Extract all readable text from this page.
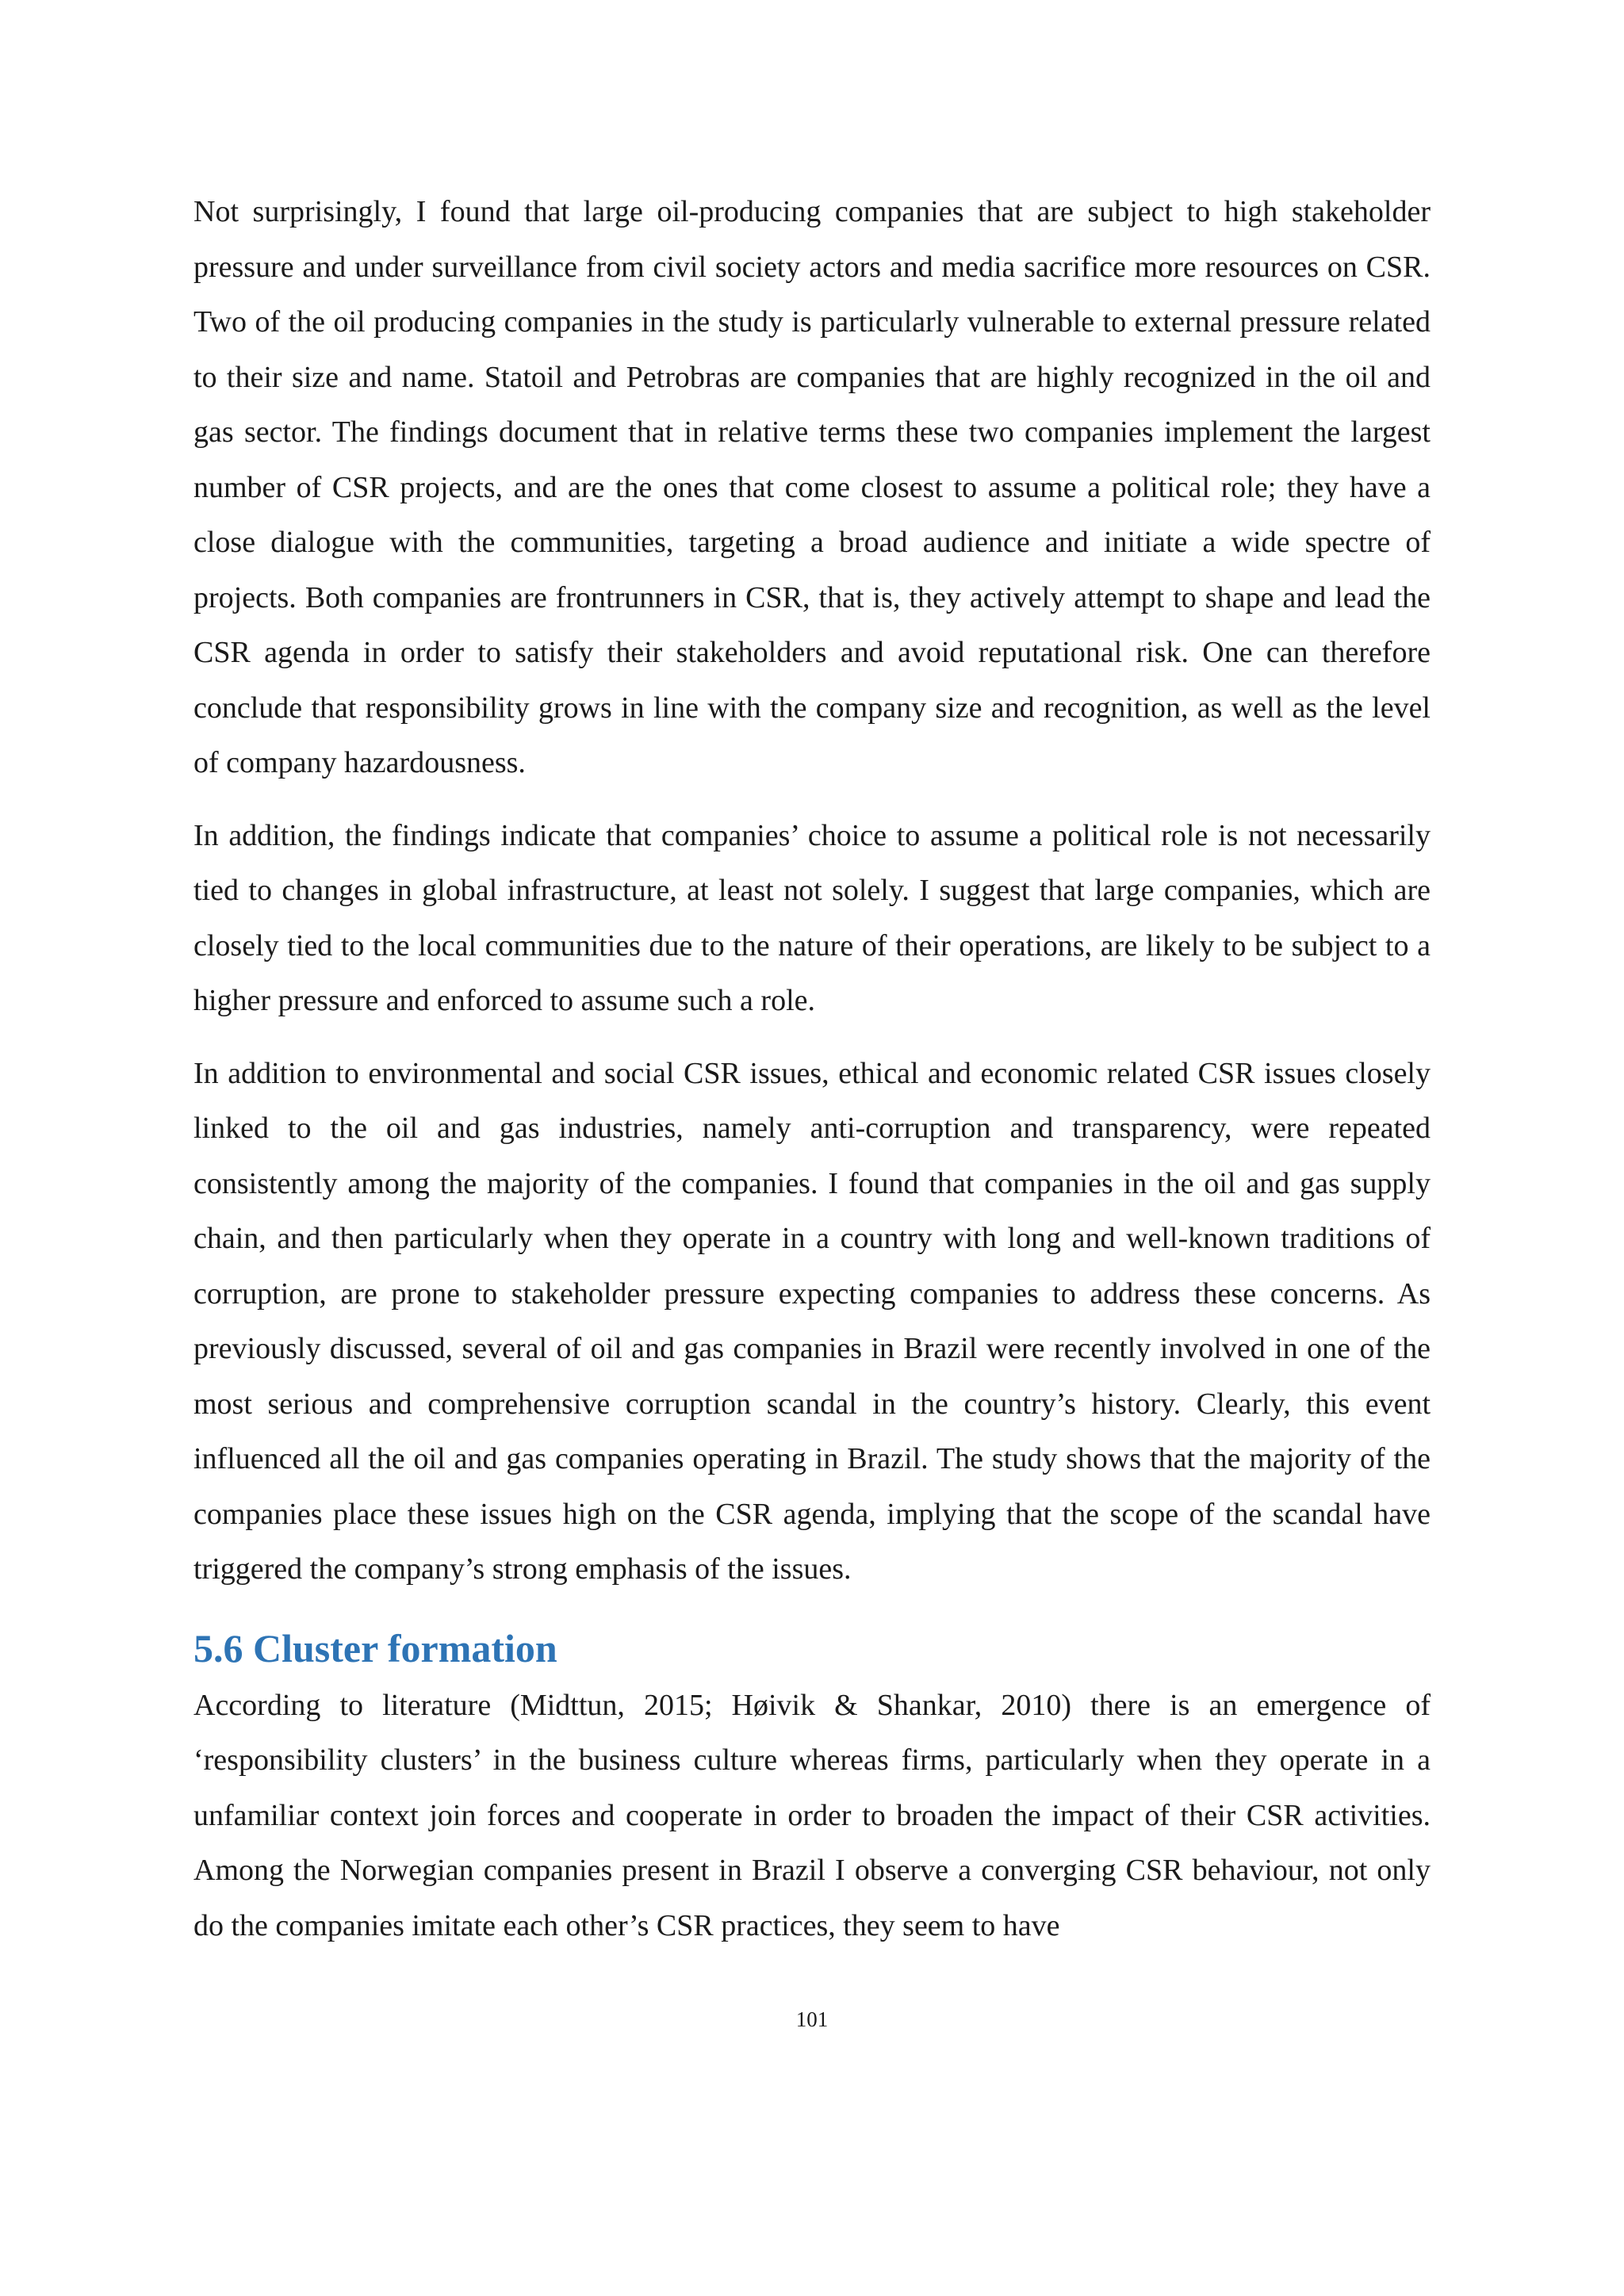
Not surprisingly, I found that large oil-producing companies that are subject to high stakeholder pressure and under surveillance from civil society actors and media sacrifice more resources on CSR. Two of the oil producing companies in the study is particularly vulnerable to external pressure related to their size and name. Statoil and Petrobras are companies that are highly recognized in the oil and gas sector. The findings document that in relative terms these two companies implement the largest number of CSR projects, and are the ones that come closest to assume a political role; they have a close dialogue with the communities, targeting a broad audience and initiate a wide spectre of projects. Both companies are frontrunners in CSR, that is, they actively attempt to shape and lead the CSR agenda in order to satisfy their stakeholders and avoid reputational risk. One can therefore conclude that responsibility grows in line with the company size and recognition, as well as the level of company hazardousness.

In addition, the findings indicate that companies’ choice to assume a political role is not necessarily tied to changes in global infrastructure, at least not solely. I suggest that large companies, which are closely tied to the local communities due to the nature of their operations, are likely to be subject to a higher pressure and enforced to assume such a role.

In addition to environmental and social CSR issues, ethical and economic related CSR issues closely linked to the oil and gas industries, namely anti-corruption and transparency, were repeated consistently among the majority of the companies. I found that companies in the oil and gas supply chain, and then particularly when they operate in a country with long and well-known traditions of corruption, are prone to stakeholder pressure expecting companies to address these concerns. As previously discussed, several of oil and gas companies in Brazil were recently involved in one of the most serious and comprehensive corruption scandal in the country’s history. Clearly, this event influenced all the oil and gas companies operating in Brazil. The study shows that the majority of the companies place these issues high on the CSR agenda, implying that the scope of the scandal have triggered the company’s strong emphasis of the issues.

5.6 Cluster formation

According to literature (Midttun, 2015; Høivik & Shankar, 2010) there is an emergence of ‘responsibility clusters’ in the business culture whereas firms, particularly when they operate in a unfamiliar context join forces and cooperate in order to broaden the impact of their CSR activities. Among the Norwegian companies present in Brazil I observe a converging CSR behaviour, not only do the companies imitate each other’s CSR practices, they seem to have

101
